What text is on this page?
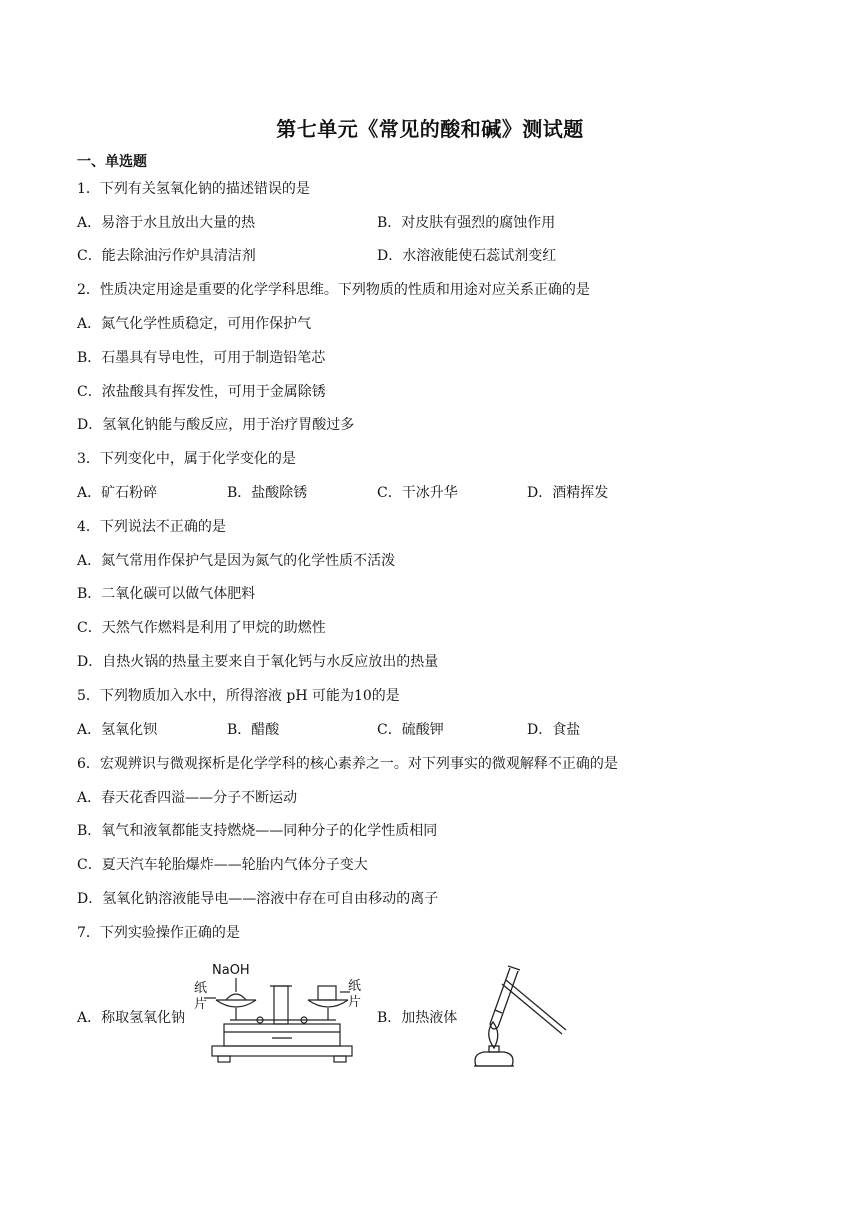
第七单元《常见的酸和碱》测试题
一、单选题
1．下列有关氢氧化钠的描述错误的是
A．易溶于水且放出大量的热	B．对皮肤有强烈的腐蚀作用
C．能去除油污作炉具清洁剂	D．水溶液能使石蕊试剂变红
2．性质决定用途是重要的化学学科思维。下列物质的性质和用途对应关系正确的是
A．氮气化学性质稳定，可用作保护气
B．石墨具有导电性，可用于制造铅笔芯
C．浓盐酸具有挥发性，可用于金属除锈
D．氢氧化钠能与酸反应，用于治疗胃酸过多
3．下列变化中，属于化学变化的是
A．矿石粉碎	B．盐酸除锈	C．干冰升华	D．酒精挥发
4．下列说法不正确的是
A．氮气常用作保护气是因为氮气的化学性质不活泼
B．二氧化碳可以做气体肥料
C．天然气作燃料是利用了甲烷的助燃性
D．自热火锅的热量主要来自于氧化钙与水反应放出的热量
5．下列物质加入水中，所得溶液 pH 可能为10的是
A．氢氧化钡	B．醋酸	C．硫酸钾	D．食盐
6．宏观辨识与微观探析是化学学科的核心素养之一。对下列事实的微观解释不正确的是
A．春天花香四溢——分子不断运动
B．氧气和液氧都能支持燃烧——同种分子的化学性质相同
C．夏天汽车轮胎爆炸——轮胎内气体分子变大
D．氢氧化钠溶液能导电——溶液中存在可自由移动的离子
7．下列实验操作正确的是
A．称取氢氧化钠	B．加热液体
NaOH
纸
片
纸
片
